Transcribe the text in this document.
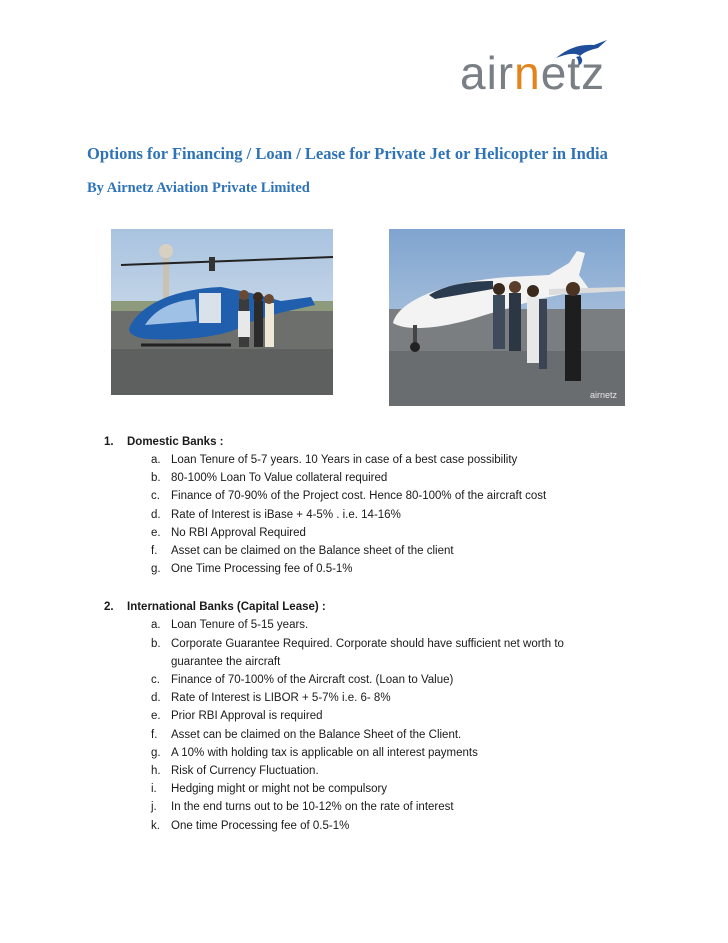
airnetz
Options for Financing / Loan / Lease for Private Jet or Helicopter in India
By Airnetz Aviation Private Limited
airnetz
1. Domestic Banks :
a. Loan Tenure of 5-7 years. 10 Years in case of a best case possibility
b. 80-100% Loan To Value collateral required
c. Finance of 70-90% of the Project cost. Hence 80-100% of the aircraft cost
d. Rate of Interest is iBase + 4-5% . i.e. 14-16%
e. No RBI Approval Required
f. Asset can be claimed on the Balance sheet of the client
g. One Time Processing fee of 0.5-1%
2. International Banks (Capital Lease) :
a. Loan Tenure of 5-15 years.
b. Corporate Guarantee Required. Corporate should have sufficient net worth to guarantee the aircraft
c. Finance of 70-100% of the Aircraft cost. (Loan to Value)
d. Rate of Interest is LIBOR + 5-7% i.e. 6- 8%
e. Prior RBI Approval is required
f. Asset can be claimed on the Balance Sheet of the Client.
g. A 10% with holding tax is applicable on all interest payments
h. Risk of Currency Fluctuation.
i. Hedging might or might not be compulsory
j. In the end turns out to be 10-12% on the rate of interest
k. One time Processing fee of 0.5-1%
